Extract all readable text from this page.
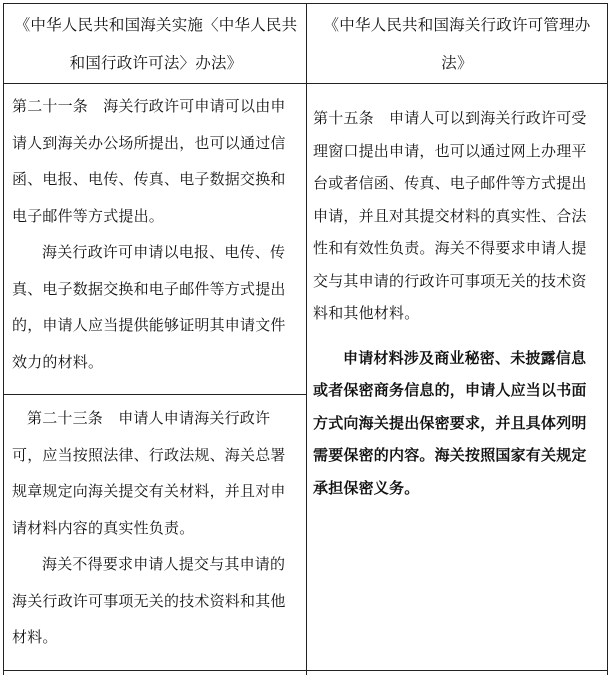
《中华人民共和国海关实施〈中华人民共和国行政许可法〉办法》

《中华人民共和国海关行政许可管理办法》

第二十一条　海关行政许可申请可以由申请人到海关办公场所提出，也可以通过信函、电报、电传、传真、电子数据交换和电子邮件等方式提出。

海关行政许可申请以电报、电传、传真、电子数据交换和电子邮件等方式提出的，申请人应当提供能够证明其申请文件效力的材料。

第二十三条　申请人申请海关行政许可，应当按照法律、行政法规、海关总署规章规定向海关提交有关材料，并且对申请材料内容的真实性负责。

海关不得要求申请人提交与其申请的海关行政许可事项无关的技术资料和其他材料。

第十五条　申请人可以到海关行政许可受理窗口提出申请，也可以通过网上办理平台或者信函、传真、电子邮件等方式提出申请，并且对其提交材料的真实性、合法性和有效性负责。海关不得要求申请人提交与其申请的行政许可事项无关的技术资料和其他材料。

申请材料涉及商业秘密、未披露信息或者保密商务信息的，申请人应当以书面方式向海关提出保密要求，并且具体列明需要保密的内容。海关按照国家有关规定承担保密义务。
